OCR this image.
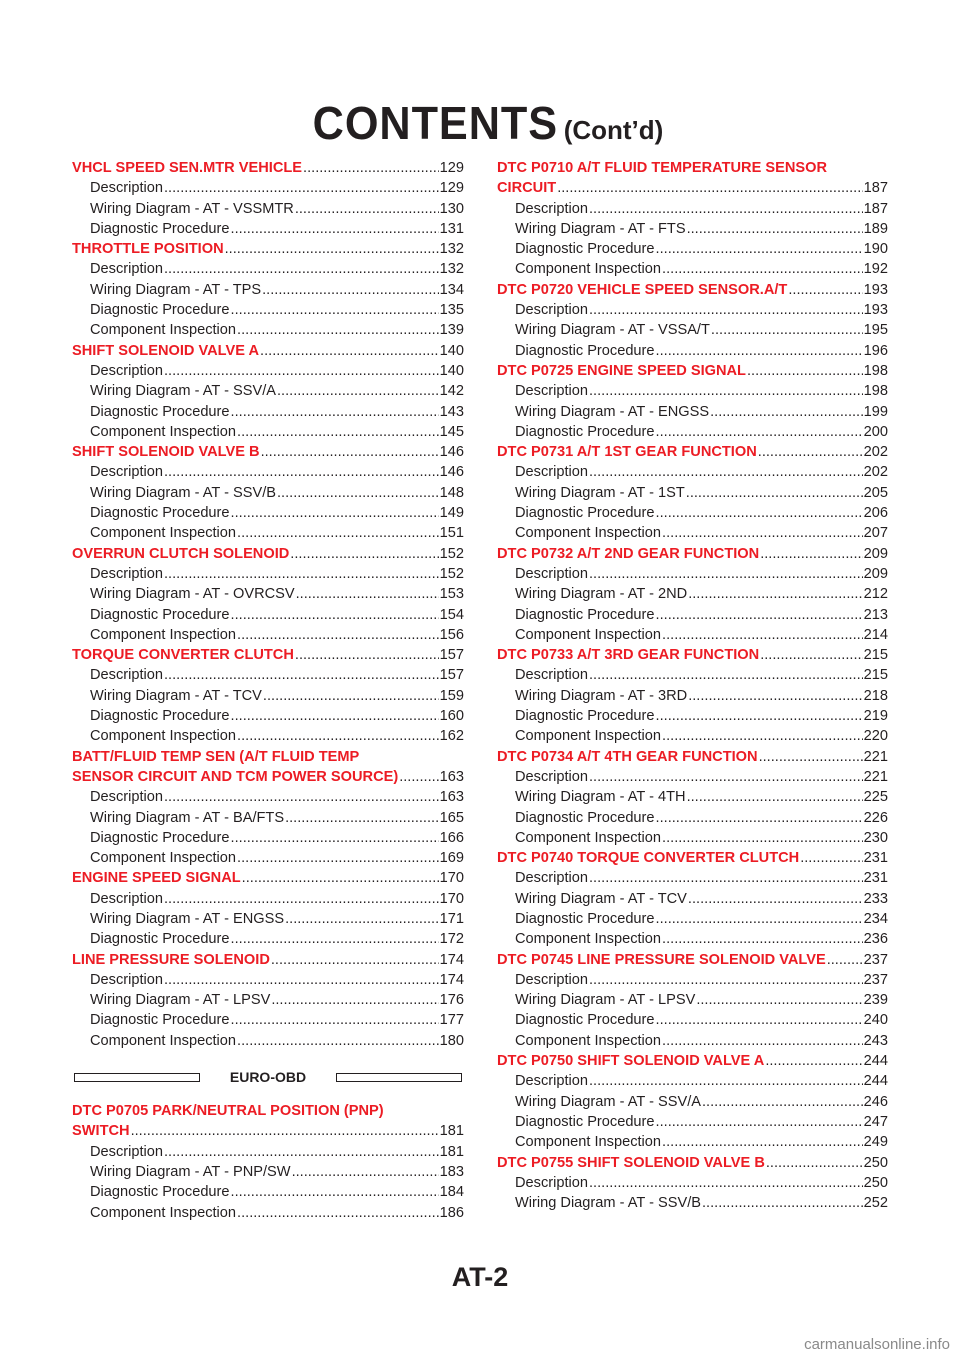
CONTENTS (Cont’d)
VHCL SPEED SEN.MTR VEHICLE .....	129
Description .....	129
Wiring Diagram - AT - VSSMTR .....	130
Diagnostic Procedure .....	131
THROTTLE POSITION .....	132
Description .....	132
Wiring Diagram - AT - TPS .....	134
Diagnostic Procedure .....	135
Component Inspection .....	139
SHIFT SOLENOID VALVE A .....	140
Description .....	140
Wiring Diagram - AT - SSV/A .....	142
Diagnostic Procedure .....	143
Component Inspection .....	145
SHIFT SOLENOID VALVE B .....	146
Description .....	146
Wiring Diagram - AT - SSV/B .....	148
Diagnostic Procedure .....	149
Component Inspection .....	151
OVERRUN CLUTCH SOLENOID .....	152
Description .....	152
Wiring Diagram - AT - OVRCSV .....	153
Diagnostic Procedure .....	154
Component Inspection .....	156
TORQUE CONVERTER CLUTCH .....	157
Description .....	157
Wiring Diagram - AT - TCV .....	159
Diagnostic Procedure .....	160
Component Inspection .....	162
BATT/FLUID TEMP SEN (A/T FLUID TEMP
SENSOR CIRCUIT AND TCM POWER SOURCE) .....	163
Description .....	163
Wiring Diagram - AT - BA/FTS .....	165
Diagnostic Procedure .....	166
Component Inspection .....	169
ENGINE SPEED SIGNAL .....	170
Description .....	170
Wiring Diagram - AT - ENGSS .....	171
Diagnostic Procedure .....	172
LINE PRESSURE SOLENOID .....	174
Description .....	174
Wiring Diagram - AT - LPSV .....	176
Diagnostic Procedure .....	177
Component Inspection .....	180
EURO-OBD
DTC P0705 PARK/NEUTRAL POSITION (PNP)
SWITCH .....	181
Description .....	181
Wiring Diagram - AT - PNP/SW .....	183
Diagnostic Procedure .....	184
Component Inspection .....	186
DTC P0710 A/T FLUID TEMPERATURE SENSOR
CIRCUIT .....	187
Description .....	187
Wiring Diagram - AT - FTS .....	189
Diagnostic Procedure .....	190
Component Inspection .....	192
DTC P0720 VEHICLE SPEED SENSOR.A/T .....	193
Description .....	193
Wiring Diagram - AT - VSSA/T .....	195
Diagnostic Procedure .....	196
DTC P0725 ENGINE SPEED SIGNAL .....	198
Description .....	198
Wiring Diagram - AT - ENGSS .....	199
Diagnostic Procedure .....	200
DTC P0731 A/T 1ST GEAR FUNCTION .....	202
Description .....	202
Wiring Diagram - AT - 1ST .....	205
Diagnostic Procedure .....	206
Component Inspection .....	207
DTC P0732 A/T 2ND GEAR FUNCTION .....	209
Description .....	209
Wiring Diagram - AT - 2ND .....	212
Diagnostic Procedure .....	213
Component Inspection .....	214
DTC P0733 A/T 3RD GEAR FUNCTION .....	215
Description .....	215
Wiring Diagram - AT - 3RD .....	218
Diagnostic Procedure .....	219
Component Inspection .....	220
DTC P0734 A/T 4TH GEAR FUNCTION .....	221
Description .....	221
Wiring Diagram - AT - 4TH .....	225
Diagnostic Procedure .....	226
Component Inspection .....	230
DTC P0740 TORQUE CONVERTER CLUTCH .....	231
Description .....	231
Wiring Diagram - AT - TCV .....	233
Diagnostic Procedure .....	234
Component Inspection .....	236
DTC P0745 LINE PRESSURE SOLENOID VALVE .....	237
Description .....	237
Wiring Diagram - AT - LPSV .....	239
Diagnostic Procedure .....	240
Component Inspection .....	243
DTC P0750 SHIFT SOLENOID VALVE A .....	244
Description .....	244
Wiring Diagram - AT - SSV/A .....	246
Diagnostic Procedure .....	247
Component Inspection .....	249
DTC P0755 SHIFT SOLENOID VALVE B .....	250
Description .....	250
Wiring Diagram - AT - SSV/B .....	252
AT-2
carmanualsonline.info
